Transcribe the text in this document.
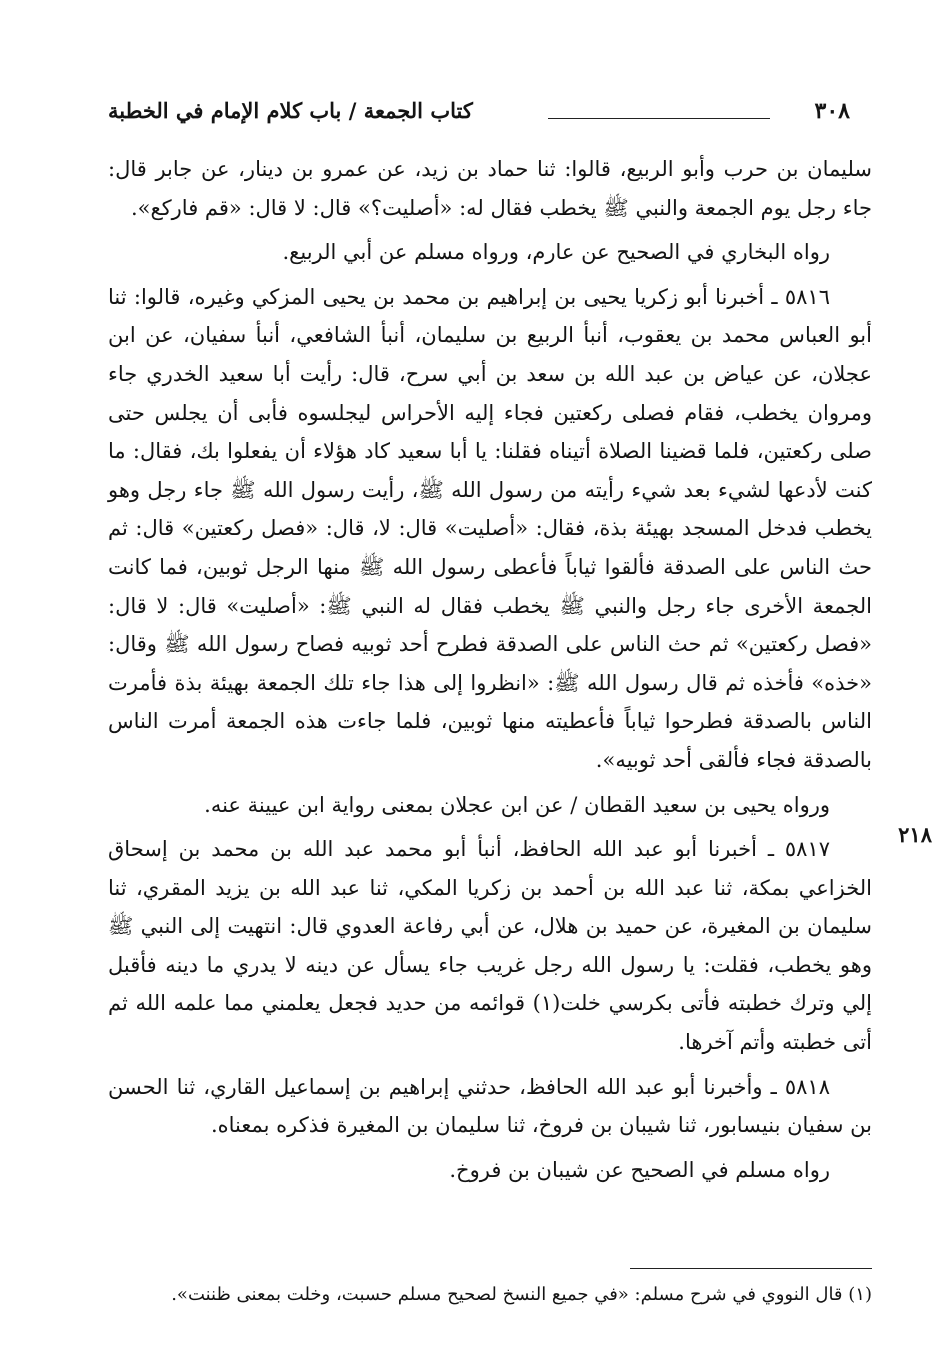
٣٠٨
كتاب الجمعة / باب كلام الإمام في الخطبة

سليمان بن حرب وأبو الربيع، قالوا: ثنا حماد بن زيد، عن عمرو بن دينار، عن جابر قال: جاء رجل يوم الجمعة والنبي ﷺ يخطب فقال له: «أصليت؟» قال: لا قال: «قم فاركع».

رواه البخاري في الصحيح عن عارم، ورواه مسلم عن أبي الربيع.

٥٨١٦ ـ أخبرنا أبو زكريا يحيى بن إبراهيم بن محمد بن يحيى المزكي وغيره، قالوا: ثنا أبو العباس محمد بن يعقوب، أنبأ الربيع بن سليمان، أنبأ الشافعي، أنبأ سفيان، عن ابن عجلان، عن عياض بن عبد الله بن سعد بن أبي سرح، قال: رأيت أبا سعيد الخدري جاء ومروان يخطب، فقام فصلى ركعتين فجاء إليه الأحراس ليجلسوه فأبى أن يجلس حتى صلى ركعتين، فلما قضينا الصلاة أتيناه فقلنا: يا أبا سعيد كاد هؤلاء أن يفعلوا بك، فقال: ما كنت لأدعها لشيء بعد شيء رأيته من رسول الله ﷺ، رأيت رسول الله ﷺ جاء رجل وهو يخطب فدخل المسجد بهيئة بذة، فقال: «أصليت» قال: لا، قال: «فصل ركعتين» قال: ثم حث الناس على الصدقة فألقوا ثياباً فأعطى رسول الله ﷺ منها الرجل ثوبين، فما كانت الجمعة الأخرى جاء رجل والنبي ﷺ يخطب فقال له النبي ﷺ: «أصليت» قال: لا قال: «فصل ركعتين» ثم حث الناس على الصدقة فطرح أحد ثوبيه فصاح رسول الله ﷺ وقال: «خذه» فأخذه ثم قال رسول الله ﷺ: «انظروا إلى هذا جاء تلك الجمعة بهيئة بذة فأمرت الناس بالصدقة فطرحوا ثياباً فأعطيته منها ثوبين، فلما جاءت هذه الجمعة أمرت الناس بالصدقة فجاء فألقى أحد ثوبيه».

ورواه يحيى بن سعيد القطان / عن ابن عجلان بمعنى رواية ابن عيينة عنه.

٥٨١٧ ـ أخبرنا أبو عبد الله الحافظ، أنبأ أبو محمد عبد الله بن محمد بن إسحاق الخزاعي بمكة، ثنا عبد الله بن أحمد بن زكريا المكي، ثنا عبد الله بن يزيد المقري، ثنا سليمان بن المغيرة، عن حميد بن هلال، عن أبي رفاعة العدوي قال: انتهيت إلى النبي ﷺ وهو يخطب، فقلت: يا رسول الله رجل غريب جاء يسأل عن دينه لا يدري ما دينه فأقبل إلي وترك خطبته فأتى بكرسي خلت(١) قوائمه من حديد فجعل يعلمني مما علمه الله ثم أتى خطبته وأتم آخرها.

٥٨١٨ ـ وأخبرنا أبو عبد الله الحافظ، حدثني إبراهيم بن إسماعيل القاري، ثنا الحسن بن سفيان بنيسابور، ثنا شيبان بن فروخ، ثنا سليمان بن المغيرة فذكره بمعناه.

رواه مسلم في الصحيح عن شيبان بن فروخ.

٢١٨
(١) قال النووي في شرح مسلم: «في جميع النسخ لصحيح مسلم حسبت، وخلت بمعنى ظننت».
